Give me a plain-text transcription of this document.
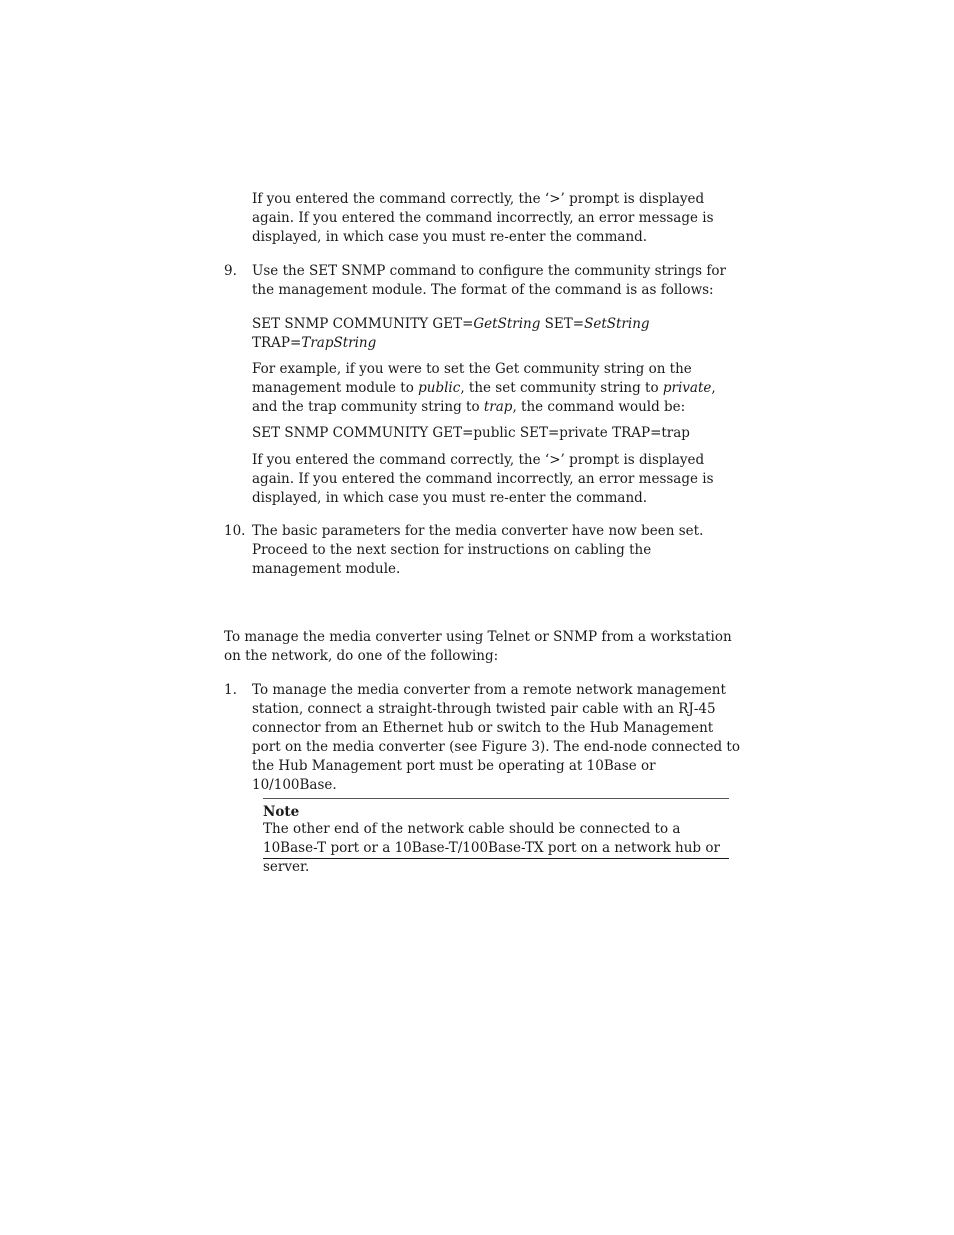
If you entered the command correctly, the ‘>’ prompt is displayed again. If you entered the command incorrectly, an error message is displayed, in which case you must re-enter the command.

9. Use the SET SNMP command to configure the community strings for the management module. The format of the command is as follows:

SET SNMP COMMUNITY GET=GetString SET=SetString
TRAP=TrapString

For example, if you were to set the Get community string on the management module to public, the set community string to private, and the trap community string to trap, the command would be:

SET SNMP COMMUNITY GET=public SET=private TRAP=trap

If you entered the command correctly, the ‘>’ prompt is displayed again. If you entered the command incorrectly, an error message is displayed, in which case you must re-enter the command.

10. The basic parameters for the media converter have now been set. Proceed to the next section for instructions on cabling the management module.

To manage the media converter using Telnet or SNMP from a workstation on the network, do one of the following:

1. To manage the media converter from a remote network management station, connect a straight-through twisted pair cable with an RJ-45 connector from an Ethernet hub or switch to the Hub Management port on the media converter (see Figure 3). The end-node connected to the Hub Management port must be operating at 10Base or 10/100Base.

Note

The other end of the network cable should be connected to a 10Base-T port or a 10Base-T/100Base-TX port on a network hub or server.
